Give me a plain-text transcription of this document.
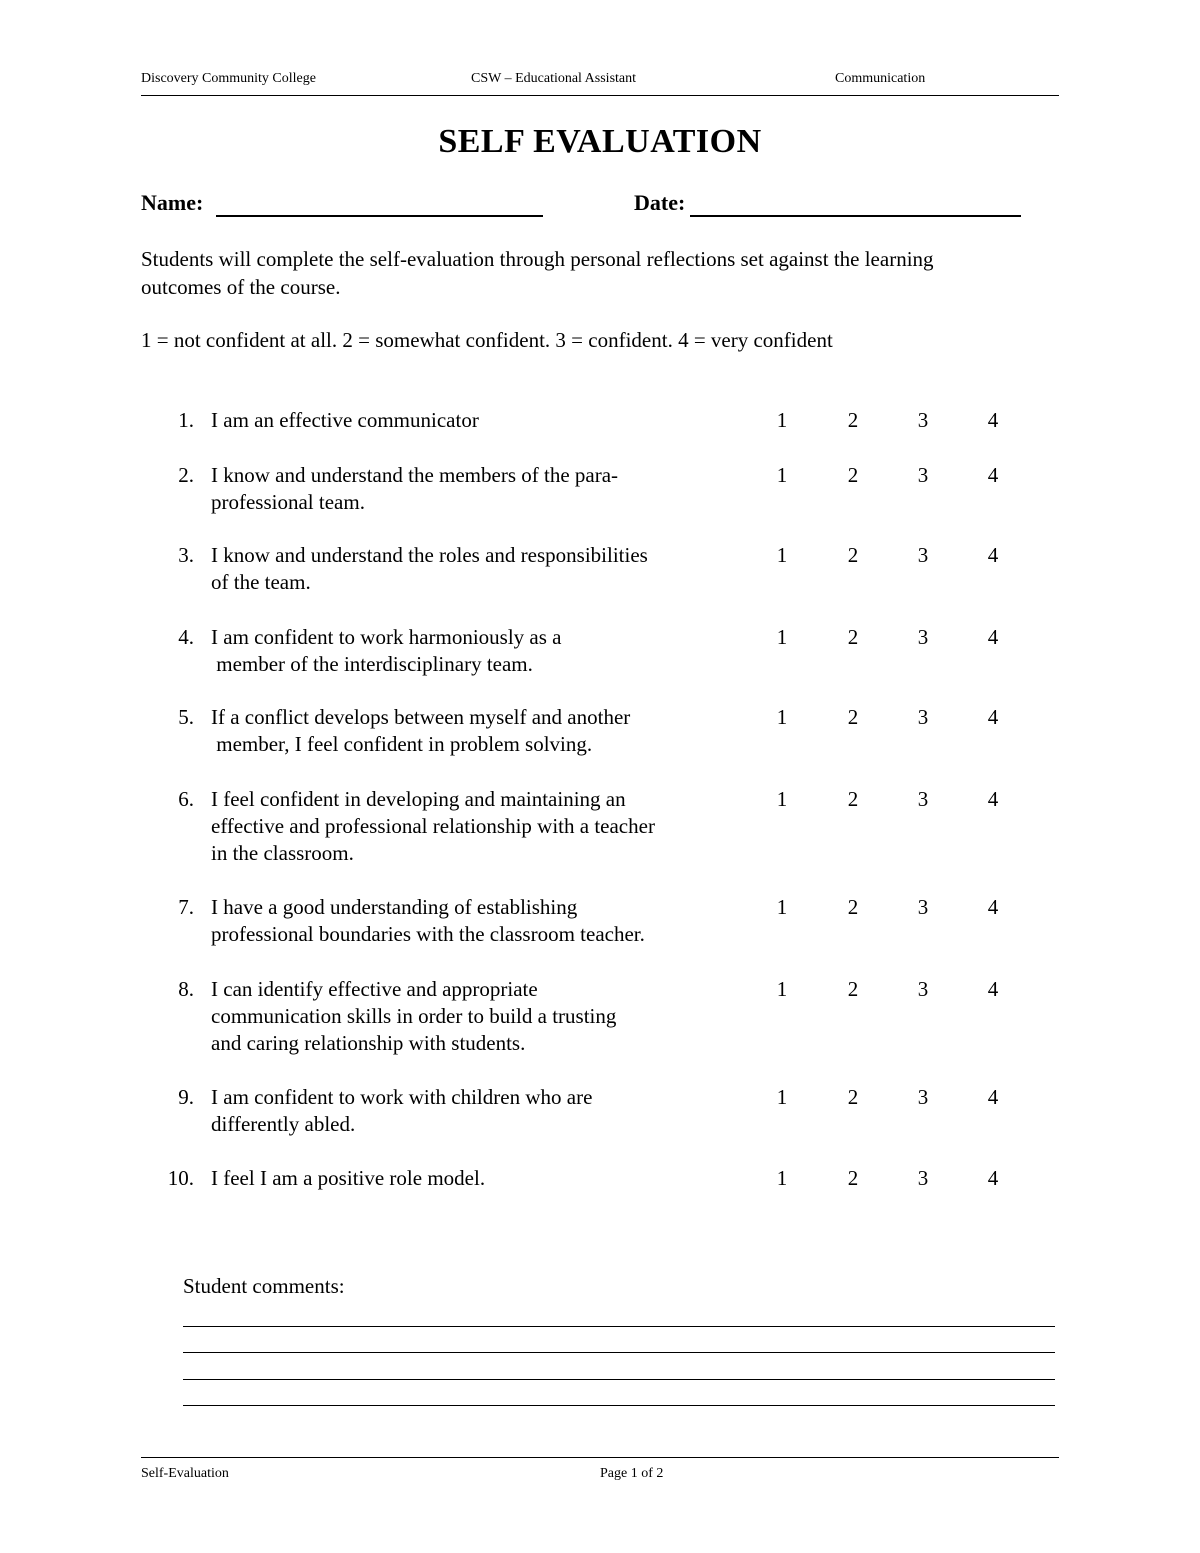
Discovery Community College	CSW – Educational Assistant	Communication
SELF EVALUATION
Name:	Date:
Students will complete the self-evaluation through personal reflections set against the learning
outcomes of the course.
1 = not confident at all. 2 = somewhat confident. 3 = confident. 4 = very confident
1. I am an effective communicator	1	2	3	4
2. I know and understand the members of the para-
professional team.
1	2	3	4
3. I know and understand the roles and responsibilities
of the team.
1	2	3	4
4. I am confident to work harmoniously as a
member of the interdisciplinary team.
1	2	3	4
5. If a conflict develops between myself and another
member, I feel confident in problem solving.
1	2	3	4
6. I feel confident in developing and maintaining an
effective and professional relationship with a teacher
in the classroom.
1	2	3	4
7. I have a good understanding of establishing
professional boundaries with the classroom teacher.
1	2	3	4
8. I can identify effective and appropriate
communication skills in order to build a trusting
and caring relationship with students.
1	2	3	4
9. I am confident to work with children who are
differently abled.
1	2	3	4
10. I feel I am a positive role model.	1	2	3	4
Student comments:
Self-Evaluation	Page 1 of 2
